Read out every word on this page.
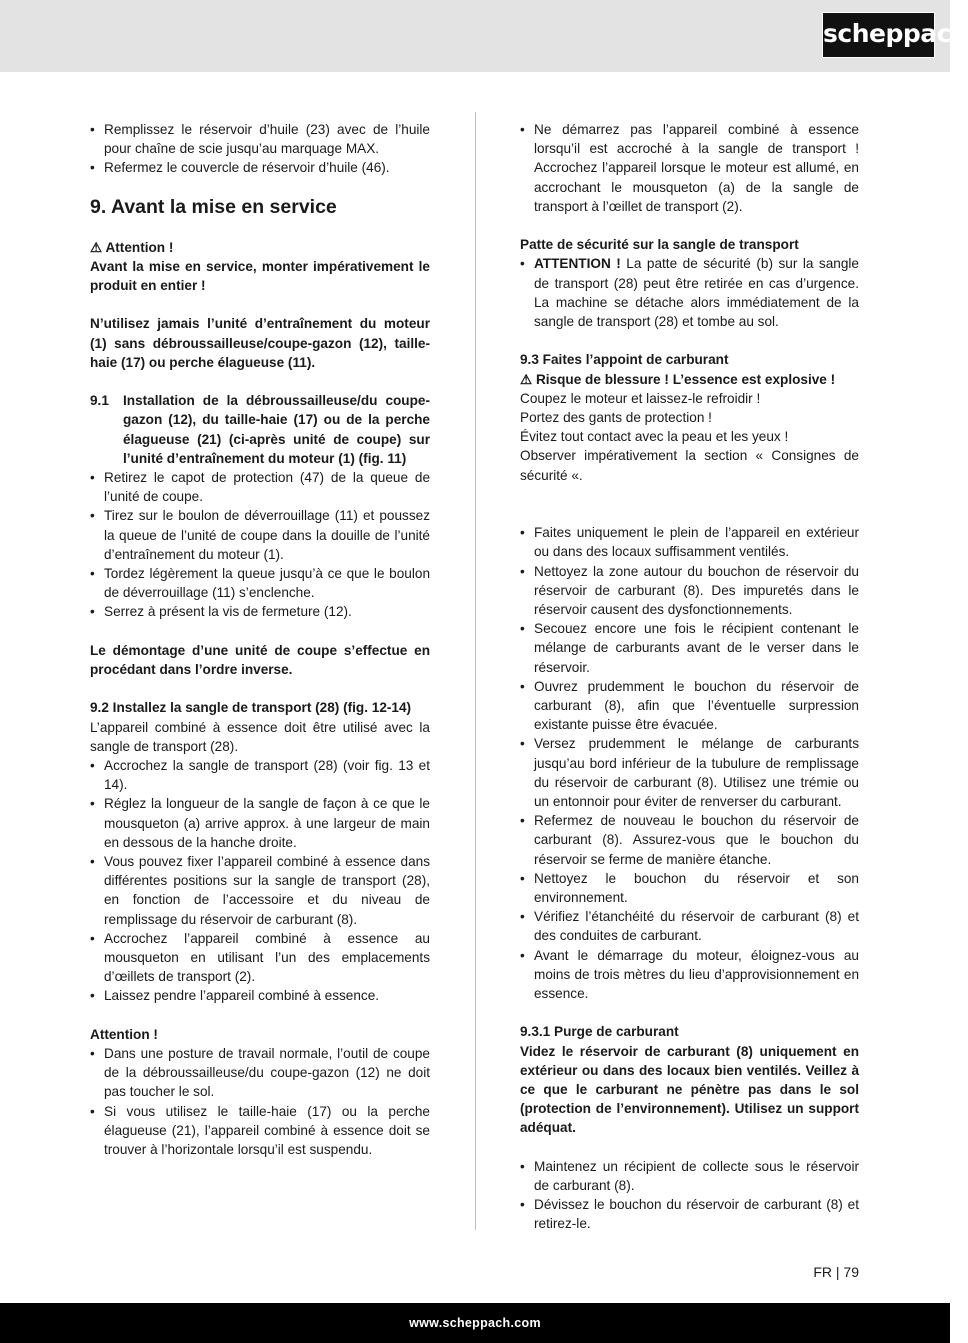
scheppach
• Remplissez le réservoir d’huile (23) avec de l’huile pour chaîne de scie jusqu’au marquage MAX.
• Refermez le couvercle de réservoir d’huile (46).
9. Avant la mise en service

⚠ Attention !

Avant la mise en service, monter impérativement le produit en entier !

N’utilisez jamais l’unité d’entraînement du moteur (1) sans débroussailleuse/coupe-gazon (12), taille-haie (17) ou perche élagueuse (11).

9.1	Installation de la débroussailleuse/du coupe-gazon (12), du taille-haie (17) ou de la perche élagueuse (21) (ci-après unité de coupe) sur l’unité d’entraînement du moteur (1) (fig. 11)
• Retirez le capot de protection (47) de la queue de l’unité de coupe.
• Tirez sur le boulon de déverrouillage (11) et poussez la queue de l’unité de coupe dans la douille de l’unité d’entraînement du moteur (1).
• Tordez légèrement la queue jusqu’à ce que le boulon de déverrouillage (11) s’enclenche.
• Serrez à présent la vis de fermeture (12).

Le démontage d’une unité de coupe s’effectue en procédant dans l’ordre inverse.

9.2 Installez la sangle de transport (28) (fig. 12-14)

L’appareil combiné à essence doit être utilisé avec la sangle de transport (28).

• Accrochez la sangle de transport (28) (voir fig. 13 et 14).
• Réglez la longueur de la sangle de façon à ce que le mousqueton (a) arrive approx. à une largeur de main en dessous de la hanche droite.
• Vous pouvez fixer l’appareil combiné à essence dans différentes positions sur la sangle de transport (28), en fonction de l’accessoire et du niveau de remplissage du réservoir de carburant (8).
• Accrochez l’appareil combiné à essence au mousqueton en utilisant l’un des emplacements d’œillets de transport (2).
• Laissez pendre l’appareil combiné à essence.

Attention !

• Dans une posture de travail normale, l’outil de coupe de la débroussailleuse/du coupe-gazon (12) ne doit pas toucher le sol.
• Si vous utilisez le taille-haie (17) ou la perche élagueuse (21), l’appareil combiné à essence doit se trouver à l’horizontale lorsqu’il est suspendu.
• Ne démarrez pas l’appareil combiné à essence lorsqu’il est accroché à la sangle de transport ! Accrochez l’appareil lorsque le moteur est allumé, en accrochant le mousqueton (a) de la sangle de transport à l’œillet de transport (2).

Patte de sécurité sur la sangle de transport

• ATTENTION ! La patte de sécurité (b) sur la sangle de transport (28) peut être retirée en cas d’urgence. La machine se détache alors immédiatement de la sangle de transport (28) et tombe au sol.

9.3 Faites l’appoint de carburant

⚠ Risque de blessure ! L’essence est explosive !

Coupez le moteur et laissez-le refroidir !

Portez des gants de protection !

Évitez tout contact avec la peau et les yeux !

Observer impérativement la section « Consignes de sécurité «.

• Faites uniquement le plein de l’appareil en extérieur ou dans des locaux suffisamment ventilés.
• Nettoyez la zone autour du bouchon de réservoir du réservoir de carburant (8). Des impuretés dans le réservoir causent des dysfonctionnements.
• Secouez encore une fois le récipient contenant le mélange de carburants avant de le verser dans le réservoir.
• Ouvrez prudemment le bouchon du réservoir de carburant (8), afin que l’éventuelle surpression existante puisse être évacuée.
• Versez prudemment le mélange de carburants jusqu’au bord inférieur de la tubulure de remplissage du réservoir de carburant (8). Utilisez une trémie ou un entonnoir pour éviter de renverser du carburant.
• Refermez de nouveau le bouchon du réservoir de carburant (8). Assurez-vous que le bouchon du réservoir se ferme de manière étanche.
• Nettoyez le bouchon du réservoir et son environnement.
• Vérifiez l’étanchéité du réservoir de carburant (8) et des conduites de carburant.
• Avant le démarrage du moteur, éloignez-vous au moins de trois mètres du lieu d’approvisionnement en essence.

9.3.1 Purge de carburant

Videz le réservoir de carburant (8) uniquement en extérieur ou dans des locaux bien ventilés. Veillez à ce que le carburant ne pénètre pas dans le sol (protection de l’environnement). Utilisez un support adéquat.

• Maintenez un récipient de collecte sous le réservoir de carburant (8).
• Dévissez le bouchon du réservoir de carburant (8) et retirez-le.
FR | 79
www.scheppach.com
